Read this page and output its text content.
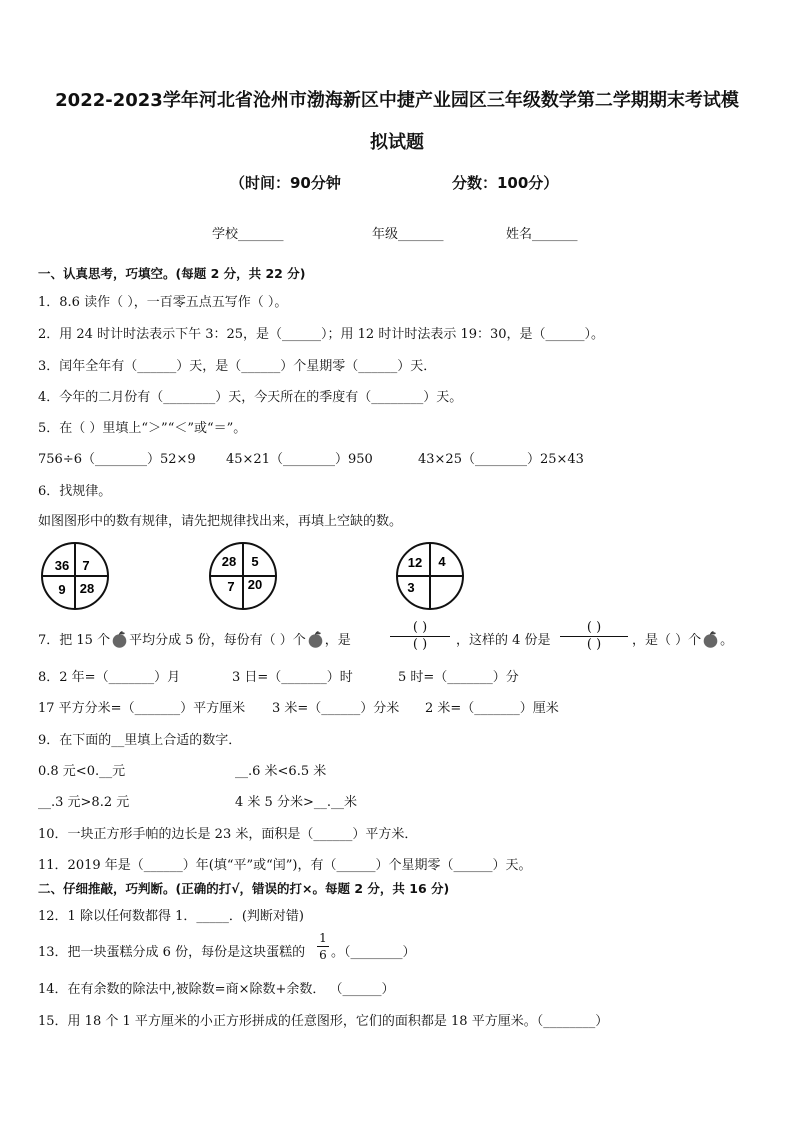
2022-2023学年河北省沧州市渤海新区中捷产业园区三年级数学第二学期期末考试模
拟试题
（时间：90分钟	分数：100分）
学校_______	年级_______	姓名_______
一、认真思考，巧填空。(每题 2 分，共 22 分)
1．8.6 读作（ ），一百零五点五写作（ ）。
2．用 24 时计时法表示下午 3：25，是（______）；用 12 时计时法表示 19：30，是（______）。
3．闰年全年有（______）天，是（______）个星期零（______）天．
4．今年的二月份有（________）天，今天所在的季度有（________）天。
5．在（ ）里填上“＞”“＜”或“＝”。
756÷6（________）52×9 45×21（________）950	43×25（________）25×43
6．找规律。
如图图形中的数有规律，请先把规律找出来，再填上空缺的数。
36 7
9 28
28 5
7 20
12 4
3
7．把 15 个 平均分成 5 份，每份有（ ）个 ，是
( )
( ) ，这样的 4 份是
( )
( ) ，是（ ）个 。
8．2 年=（_______）月	3 日=（_______）时	5 时=（_______）分
17 平方分米=（_______）平方厘米 3 米=（______）分米 2 米=（_______）厘米
9．在下面的__里填上合适的数字．
0.8 元<0.__元	__.6 米<6.5 米
__.3 元>8.2 元	4 米 5 分米>__.__米
10．一块正方形手帕的边长是 23 米，面积是（______）平方米．
11．2019 年是（______）年(填“平”或“闰”)，有（______）个星期零（______）天。
二、仔细推敲，巧判断。(正确的打√，错误的打×。每题 2 分，共 16 分)
12．1 除以任何数都得 1．_____．(判断对错)
13．把一块蛋糕分成 6 份，每份是这块蛋糕的
1
6 。（________）
14．在有余数的除法中,被除数=商×除数+余数． （______）
15．用 18 个 1 平方厘米的小正方形拼成的任意图形，它们的面积都是 18 平方厘米。（________）
